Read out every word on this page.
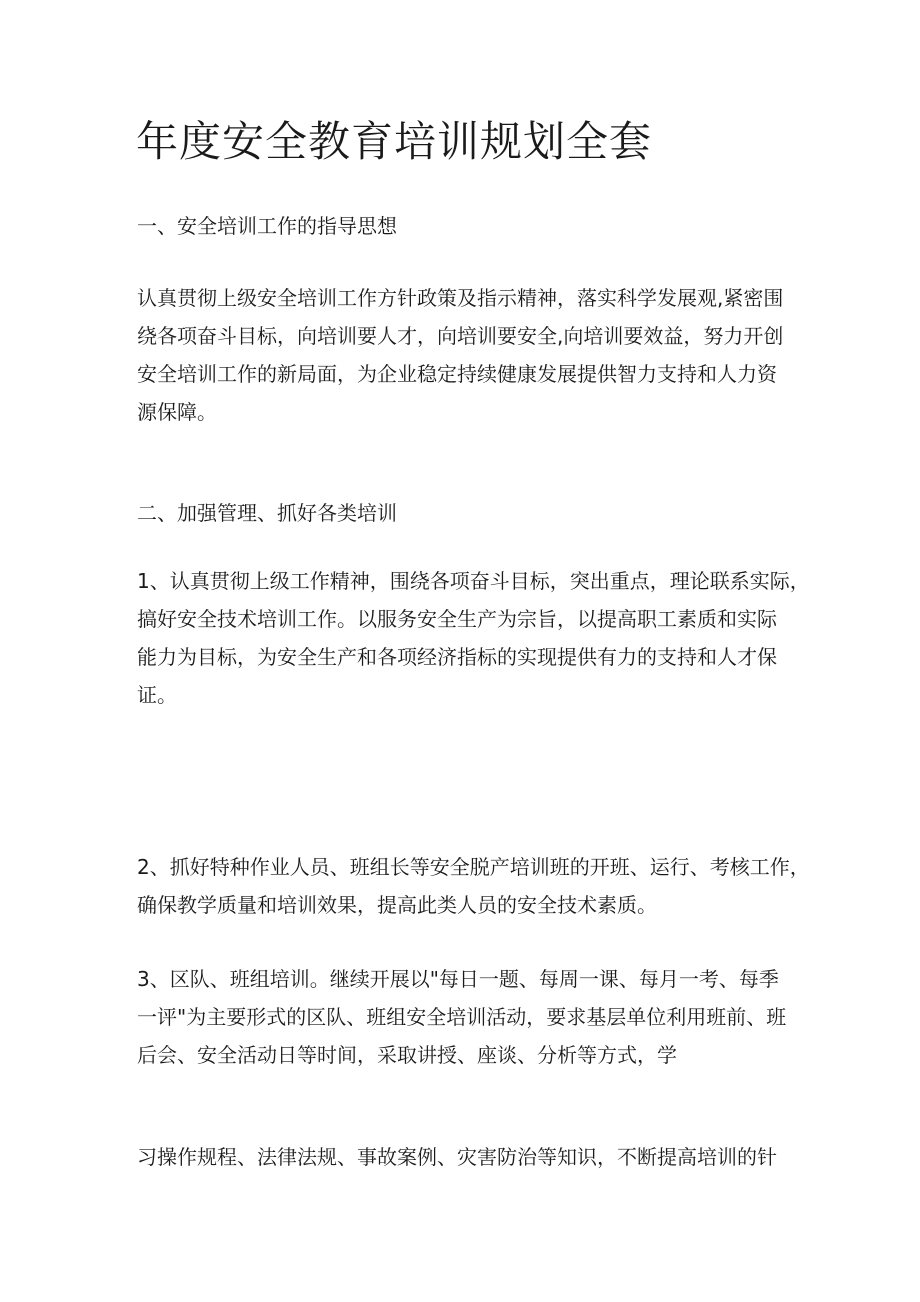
年度安全教育培训规划全套

一、安全培训工作的指导思想

认真贯彻上级安全培训工作方针政策及指示精神，落实科学发展观,紧密围
绕各项奋斗目标，向培训要人才，向培训要安全,向培训要效益，努力开创
安全培训工作的新局面，为企业稳定持续健康发展提供智力支持和人力资
源保障。

二、加强管理、抓好各类培训

1、认真贯彻上级工作精神，围绕各项奋斗目标，突出重点，理论联系实际，
搞好安全技术培训工作。以服务安全生产为宗旨，以提高职工素质和实际
能力为目标，为安全生产和各项经济指标的实现提供有力的支持和人才保
证。

2、抓好特种作业人员、班组长等安全脱产培训班的开班、运行、考核工作，
确保教学质量和培训效果，提高此类人员的安全技术素质。

3、区队、班组培训。继续开展以"每日一题、每周一课、每月一考、每季
一评"为主要形式的区队、班组安全培训活动，要求基层单位利用班前、班
后会、安全活动日等时间，采取讲授、座谈、分析等方式，学

习操作规程、法律法规、事故案例、灾害防治等知识，不断提高培训的针
